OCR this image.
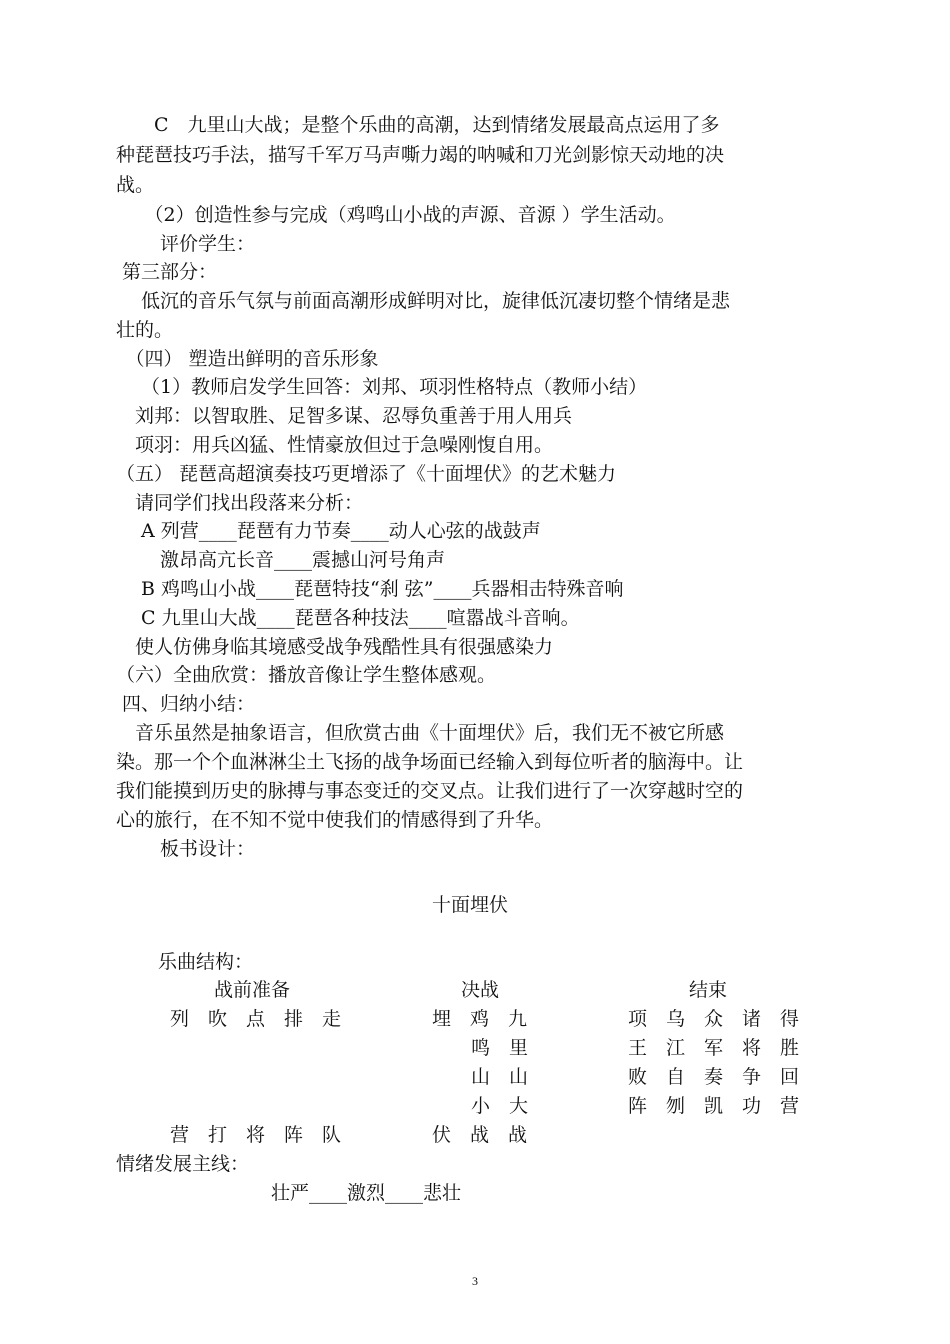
　　C　九里山大战；是整个乐曲的高潮，达到情绪发展最高点运用了多
种琵琶技巧手法，描写千军万马声嘶力竭的呐喊和刀光剑影惊天动地的决
战。
　　（2）创造性参与完成（鸡鸣山小战的声源、音源 ）学生活动。
　　 评价学生：
第三部分：
　 低沉的音乐气氛与前面高潮形成鲜明对比，旋律低沉凄切整个情绪是悲
壮的。
　（四） 塑造出鲜明的音乐形象
　 （1）教师启发学生回答：刘邦、项羽性格特点（教师小结）
　刘邦：以智取胜、足智多谋、忍辱负重善于用人用兵
　项羽：用兵凶猛、性情豪放但过于急噪刚愎自用。
（五） 琵琶高超演奏技巧更增添了《十面埋伏》的艺术魅力
　请同学们找出段落来分析：
　 A 列营____琵琶有力节奏____动人心弦的战鼓声
　　 激昂高亢长音____震撼山河号角声
　 B 鸡鸣山小战____琵琶特技“刹 弦”____兵器相击特殊音响
　 C 九里山大战____琵琶各种技法____喧嚣战斗音响。
　使人仿佛身临其境感受战争残酷性具有很强感染力
（六）全曲欣赏：播放音像让学生整体感观。
四、归纳小结：
　音乐虽然是抽象语言，但欣赏古曲《十面埋伏》后，我们无不被它所感
染。那一个个血淋淋尘土飞扬的战争场面已经输入到每位听者的脑海中。让
我们能摸到历史的脉搏与事态变迁的交叉点。让我们进行了一次穿越时空的
心的旅行，在不知不觉中使我们的情感得到了升华。
　　 板书设计：
十面埋伏
乐曲结构：
战前准备	决战	结束
列　吹　点　排　走
营　打　将　阵　队
埋　鸡　九
鸣　里
山　山
小　大
伏　战　战
项　乌　众　诸　得
王　江　军　将　胜
败　自　奏　争　回
阵　刎　凯　功　营
情绪发展主线：
壮严____激烈____悲壮
3
